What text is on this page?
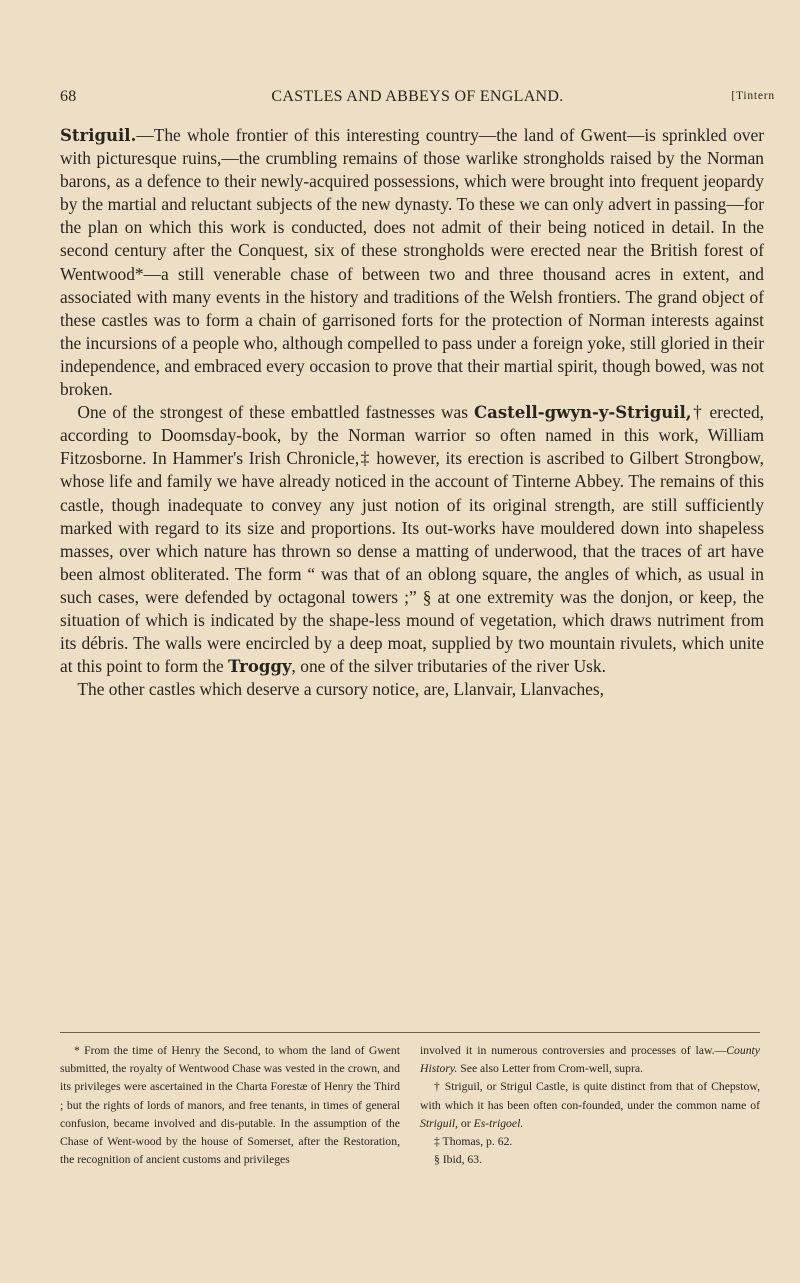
68	CASTLES AND ABBEYS OF ENGLAND.	[Tintern

Striguil.—The whole frontier of this interesting country—the land of Gwent—is sprinkled over with picturesque ruins,—the crumbling remains of those warlike strongholds raised by the Norman barons, as a defence to their newly-acquired possessions, which were brought into frequent jeopardy by the martial and reluctant subjects of the new dynasty. To these we can only advert in passing—for the plan on which this work is conducted, does not admit of their being noticed in detail. In the second century after the Conquest, six of these strongholds were erected near the British forest of Wentwood*—a still venerable chase of between two and three thousand acres in extent, and associated with many events in the history and traditions of the Welsh frontiers. The grand object of these castles was to form a chain of garrisoned forts for the protection of Norman interests against the incursions of a people who, although compelled to pass under a foreign yoke, still gloried in their independence, and embraced every occasion to prove that their martial spirit, though bowed, was not broken.

 One of the strongest of these embattled fastnesses was Castell-gwyn-y-Striguil,† erected, according to Doomsday-book, by the Norman warrior so often named in this work, William Fitzosborne. In Hammer's Irish Chronicle,‡ however, its erection is ascribed to Gilbert Strongbow, whose life and family we have already noticed in the account of Tinterne Abbey. The remains of this castle, though inadequate to convey any just notion of its original strength, are still sufficiently marked with regard to its size and proportions. Its out-works have mouldered down into shapeless masses, over which nature has thrown so dense a matting of underwood, that the traces of art have been almost obliterated. The form “ was that of an oblong square, the angles of which, as usual in such cases, were defended by octagonal towers ;” § at one extremity was the donjon, or keep, the situation of which is indicated by the shape-less mound of vegetation, which draws nutriment from its débris. The walls were encircled by a deep moat, supplied by two mountain rivulets, which unite at this point to form the Troggy, one of the silver tributaries of the river Usk.

 The other castles which deserve a cursory notice, are, Llanvair, Llanvaches,

* From the time of Henry the Second, to whom the land of Gwent submitted, the royalty of Wentwood Chase was vested in the crown, and its privileges were ascertained in the Charta Forestæ of Henry the Third ; but the rights of lords of manors, and free tenants, in times of general confusion, became involved and dis-putable. In the assumption of the Chase of Went-wood by the house of Somerset, after the Restoration, the recognition of ancient customs and privileges

involved it in numerous controversies and processes of law.—County History. See also Letter from Crom-well, supra.

† Striguil, or Strigul Castle, is quite distinct from that of Chepstow, with which it has been often con-founded, under the common name of Striguil, or Es-trigoel.

‡ Thomas, p. 62.

§ Ibid, 63.
